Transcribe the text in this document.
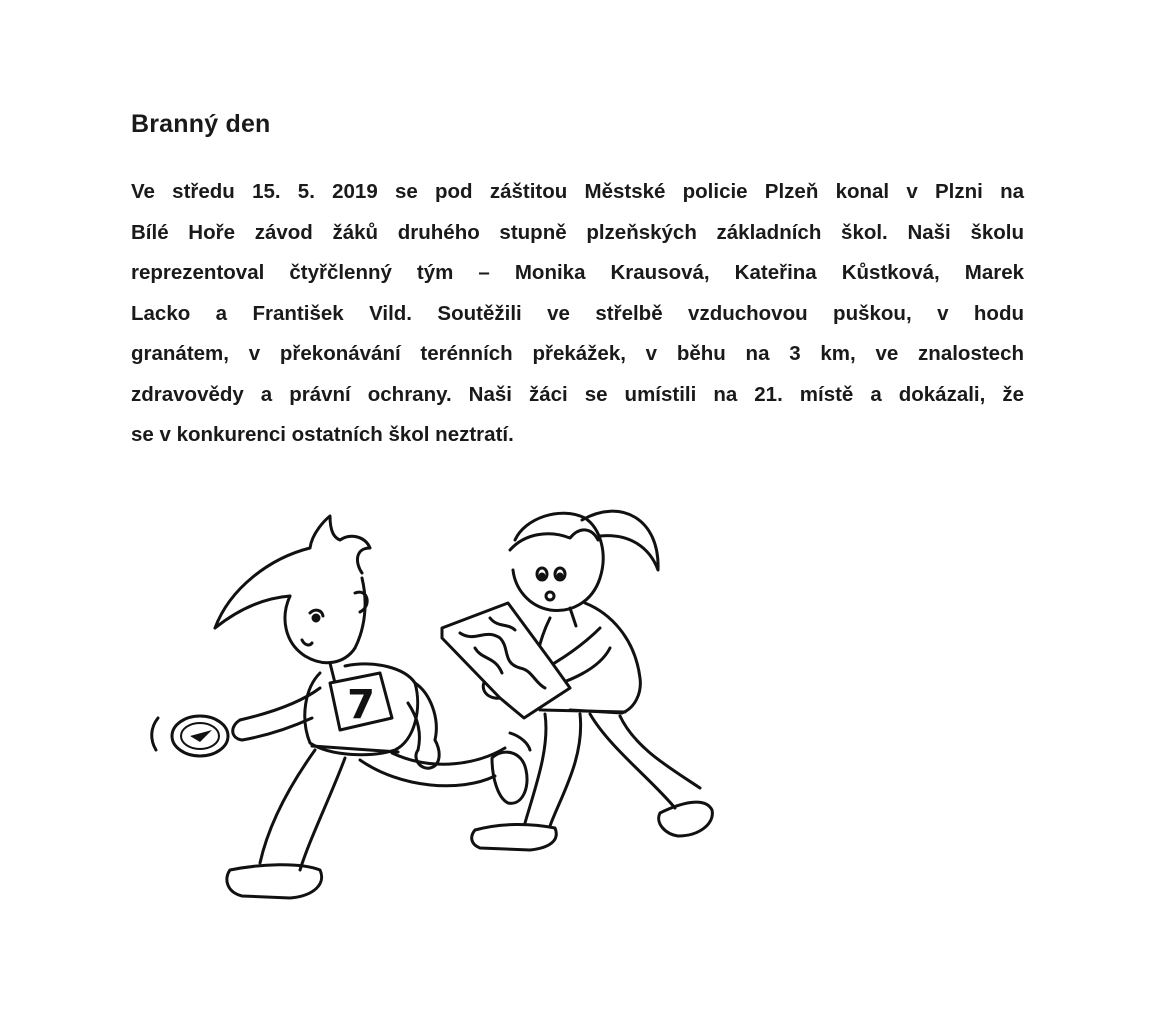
Branný den
Ve středu 15. 5. 2019 se pod záštitou Městské policie Plzeň konal v Plzni na
Bílé Hoře závod žáků druhého stupně plzeňských základních škol. Naši školu
reprezentoval čtyřčlenný tým – Monika Krausová, Kateřina Kůstková, Marek
Lacko a František Vild. Soutěžili ve střelbě vzduchovou puškou, v hodu
granátem, v překonávání terénních překážek, v běhu na 3 km, ve znalostech
zdravovědy a právní ochrany. Naši žáci se umístili na 21. místě a dokázali, že
se v konkurenci ostatních škol neztratí.
7
